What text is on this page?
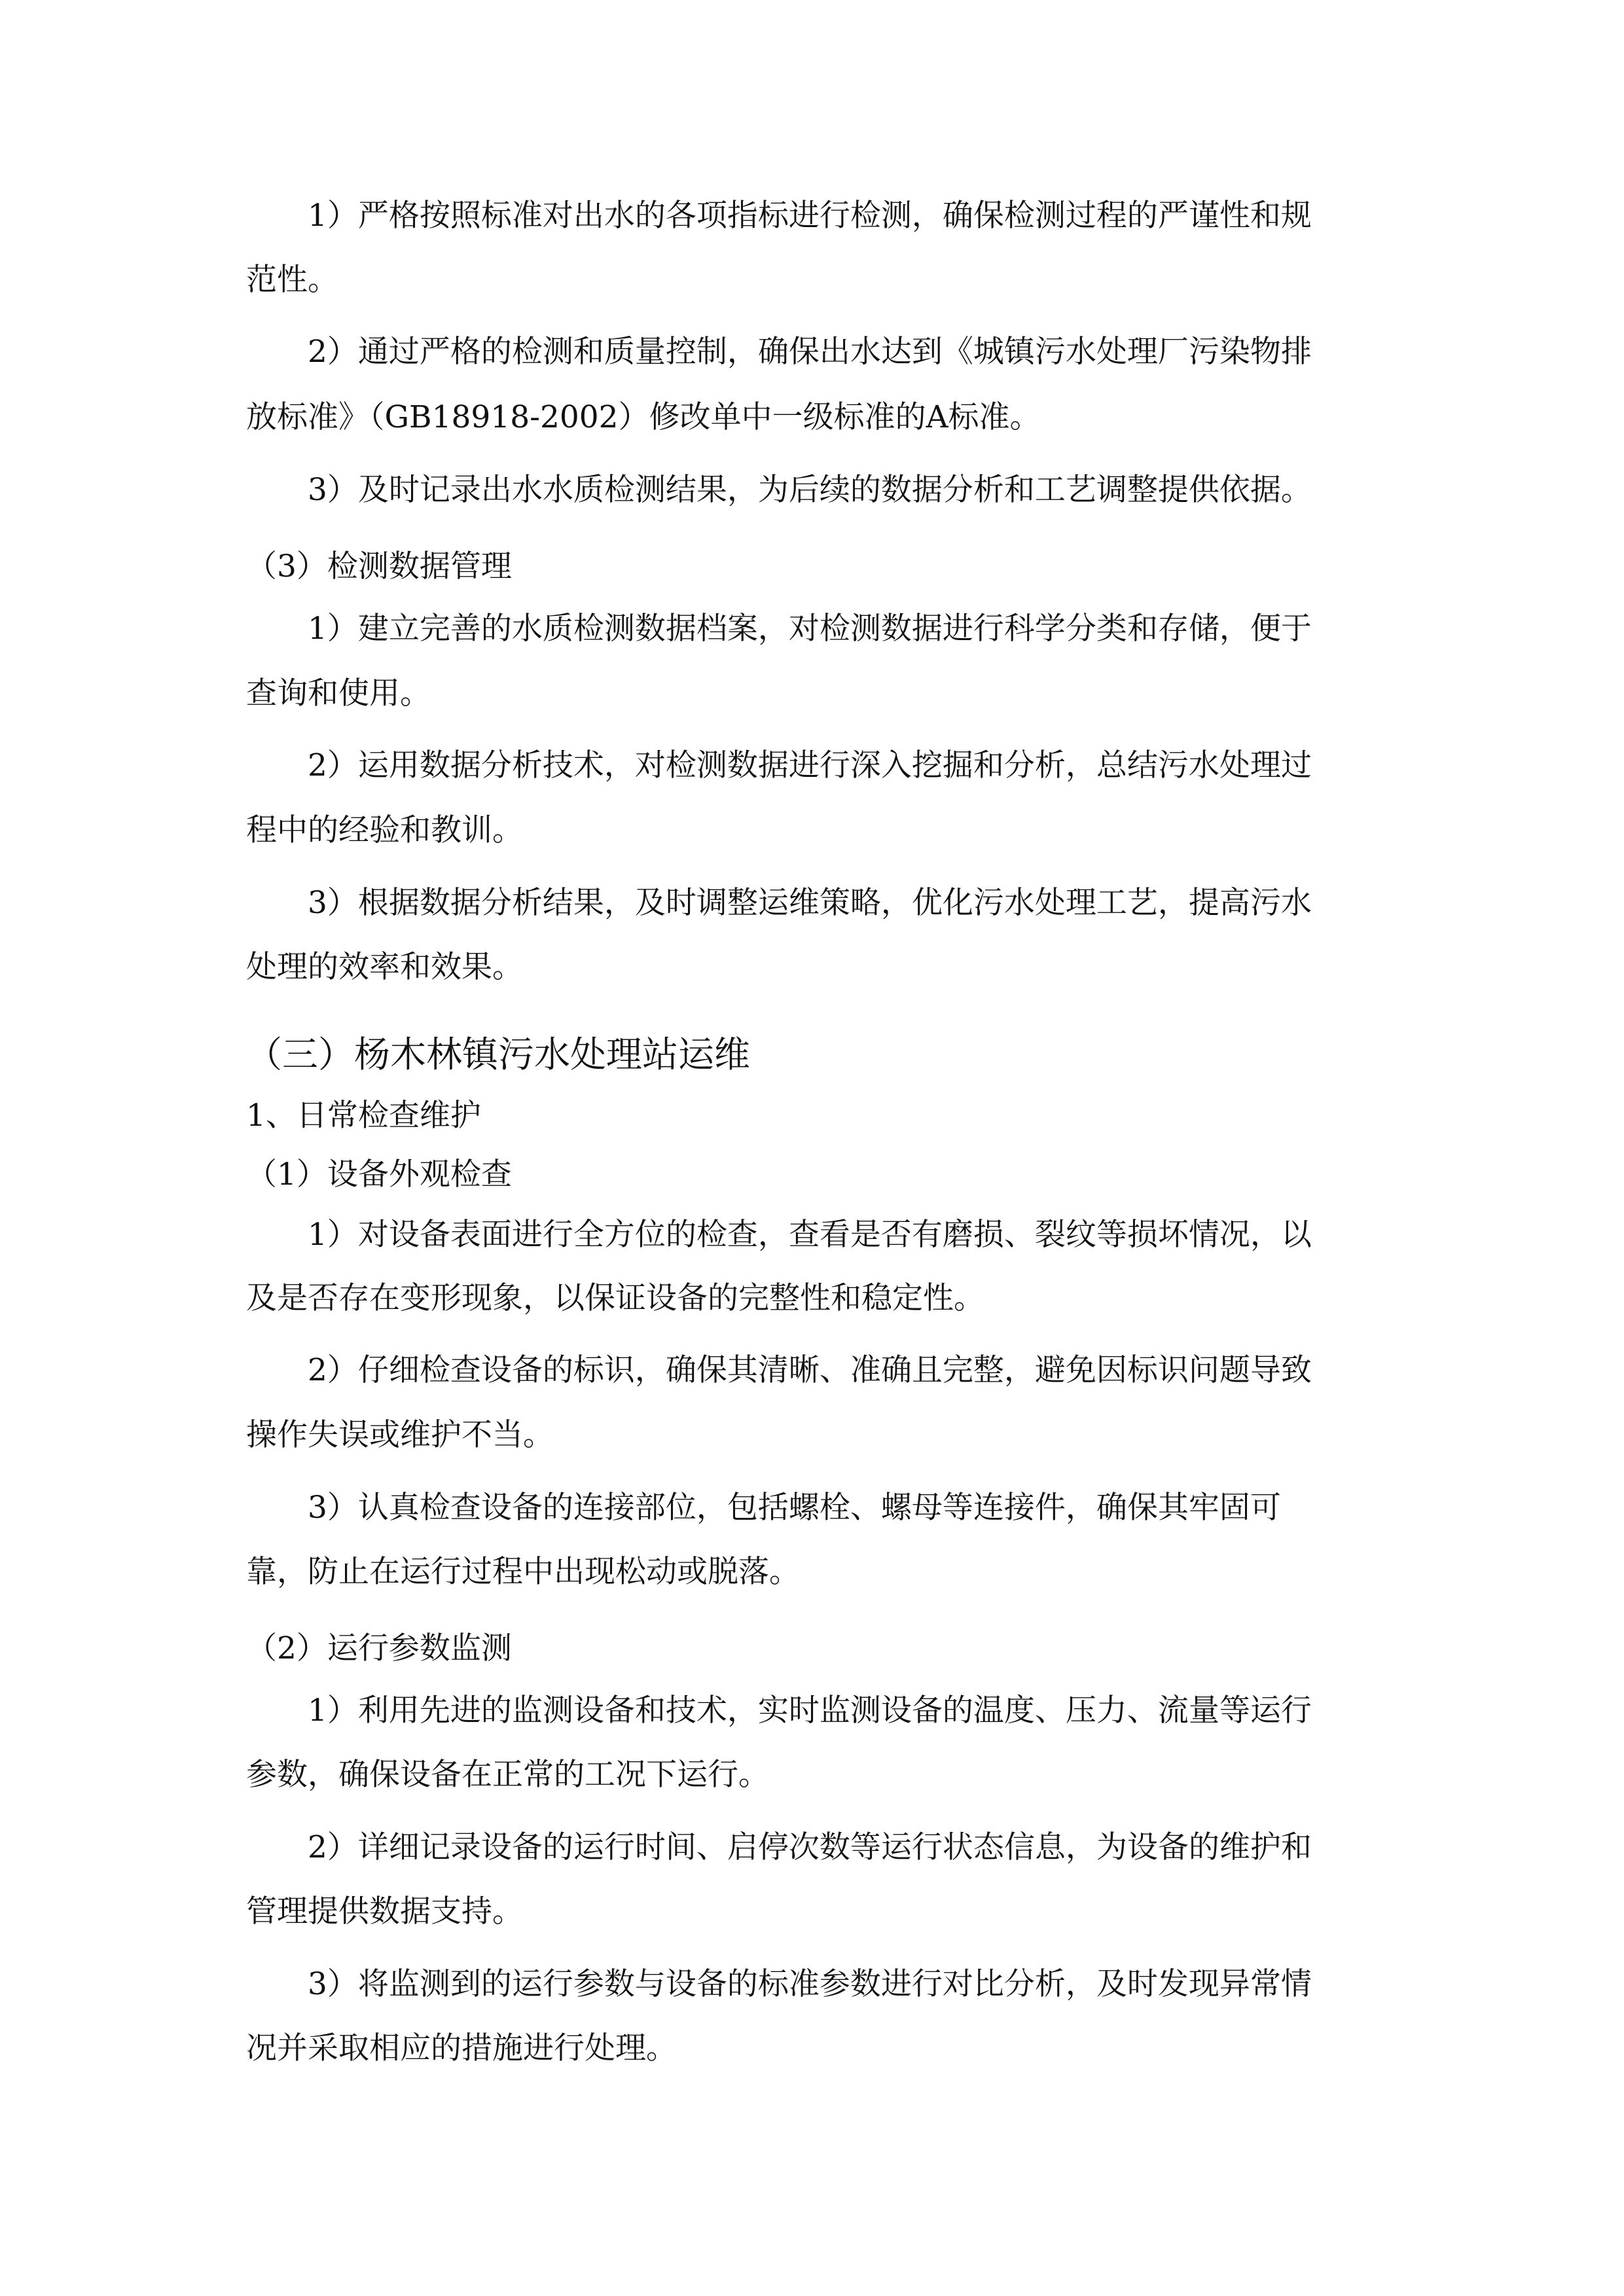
1）严格按照标准对出水的各项指标进行检测，确保检测过程的严谨性和规

范性。

2）通过严格的检测和质量控制，确保出水达到《城镇污水处理厂污染物排

放标准》（GB18918-2002）修改单中一级标准的A标准。

3）及时记录出水水质检测结果，为后续的数据分析和工艺调整提供依据。

（3）检测数据管理

1）建立完善的水质检测数据档案，对检测数据进行科学分类和存储，便于

查询和使用。

2）运用数据分析技术，对检测数据进行深入挖掘和分析，总结污水处理过

程中的经验和教训。

3）根据数据分析结果，及时调整运维策略，优化污水处理工艺，提高污水

处理的效率和效果。

（三）杨木林镇污水处理站运维

1、日常检查维护

（1）设备外观检查

1）对设备表面进行全方位的检查，查看是否有磨损、裂纹等损坏情况，以

及是否存在变形现象，以保证设备的完整性和稳定性。

2）仔细检查设备的标识，确保其清晰、准确且完整，避免因标识问题导致

操作失误或维护不当。

3）认真检查设备的连接部位，包括螺栓、螺母等连接件，确保其牢固可

靠，防止在运行过程中出现松动或脱落。

（2）运行参数监测

1）利用先进的监测设备和技术，实时监测设备的温度、压力、流量等运行

参数，确保设备在正常的工况下运行。

2）详细记录设备的运行时间、启停次数等运行状态信息，为设备的维护和

管理提供数据支持。

3）将监测到的运行参数与设备的标准参数进行对比分析，及时发现异常情

况并采取相应的措施进行处理。
